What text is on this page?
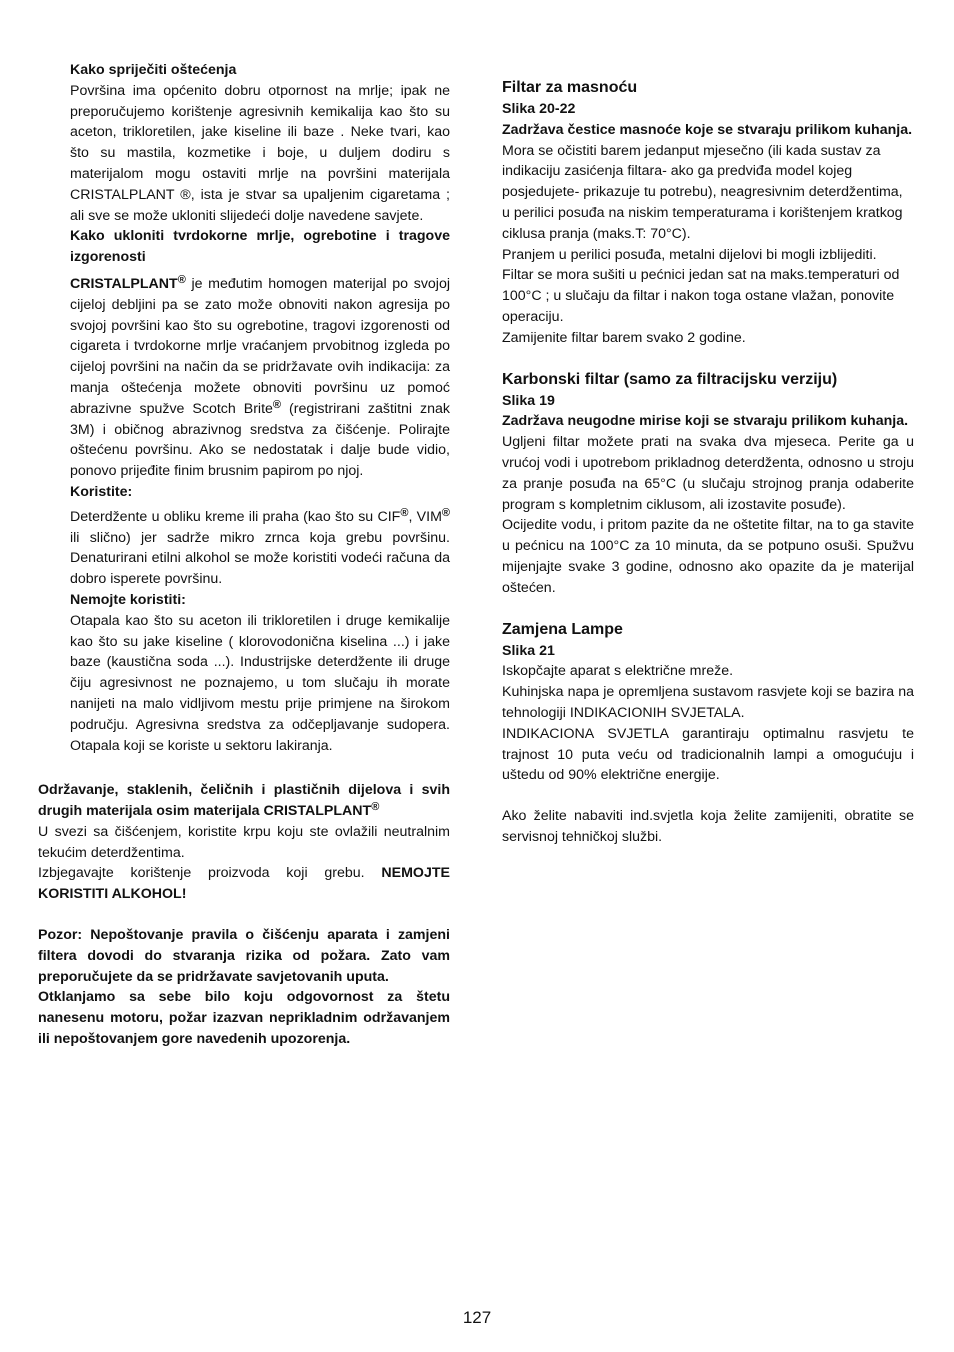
Kako spriječiti oštećenja

Površina ima općenito dobru otpornost na mrlje; ipak ne preporučujemo korištenje agresivnih kemikalija kao što su aceton, trikloretilen, jake kiseline ili baze . Neke tvari, kao što su mastila, kozmetike i boje, u duljem dodiru s materijalom mogu ostaviti mrlje na površini materijala CRISTALPLANT ®, ista je stvar sa upaljenim cigaretama ; ali sve se može ukloniti slijedeći dolje navedene savjete.

Kako ukloniti tvrdokorne mrlje, ogrebotine i tragove izgorenosti

CRISTALPLANT® je međutim homogen materijal po svojoj cijeloj debljini pa se zato može obnoviti nakon agresija po svojoj površini kao što su ogrebotine, tragovi izgorenosti od cigareta i tvrdokorne mrlje vraćanjem prvobitnog izgleda po cijeloj površini na način da se pridržavate ovih indikacija: za manja oštećenja možete obnoviti površinu uz pomoć abrazivne spužve Scotch Brite® (registrirani zaštitni znak 3M) i običnog abrazivnog sredstva za čišćenje. Polirajte oštećenu površinu. Ako se nedostatak i dalje bude vidio, ponovo prijeđite finim brusnim papirom po njoj.

Koristite:

Deterdžente u obliku kreme ili praha (kao što su CIF®, VIM® ili slično) jer sadrže mikro zrnca koja grebu površinu. Denaturirani etilni alkohol se može koristiti vodeći računa da dobro isperete površinu.

Nemojte koristiti:

Otapala kao što su aceton ili trikloretilen i druge kemikalije kao što su jake kiseline ( klorovodonična kiselina ...) i jake baze (kaustična soda ...). Industrijske deterdžente ili druge čiju agresivnost ne poznajemo, u tom slučaju ih morate nanijeti na malo vidljivom mestu prije primjene na širokom području. Agresivna sredstva za odčepljavanje sudopera. Otapala koji se koriste u sektoru lakiranja.

Održavanje, staklenih, čeličnih i plastičnih dijelova i svih drugih materijala osim materijala CRISTALPLANT®

U svezi sa čišćenjem, koristite krpu koju ste ovlažili neutralnim tekućim deterdžentima.

Izbjegavajte korištenje proizvoda koji grebu. NEMOJTE KORISTITI ALKOHOL!

Pozor: Nepoštovanje pravila o čišćenju aparata i zamjeni filtera dovodi do stvaranja rizika od požara. Zato vam preporučujete da se pridržavate savjetovanih uputa.

Otklanjamo sa sebe bilo koju odgovornost za štetu nanesenu motoru, požar izazvan neprikladnim održavanjem ili nepoštovanjem gore navedenih upozorenja.

Filtar za masnoću

Slika 20-22

Zadržava čestice masnoće koje se stvaraju prilikom kuhanja.

Mora se očistiti barem jedanput mjesečno (ili kada sustav za indikaciju zasićenja filtara- ako ga predviđa model kojeg posjedujete- prikazuje tu potrebu), neagresivnim deterdžentima, u perilici posuđa na niskim temperaturama i korištenjem kratkog ciklusa pranja (maks.T: 70°C).

Pranjem u perilici posuđa, metalni dijelovi bi mogli izblijediti.

Filtar se mora sušiti u pećnici jedan sat na maks.temperaturi od 100°C ; u slučaju da filtar i nakon toga ostane vlažan, ponovite operaciju.

Zamijenite filtar barem svako 2 godine.

Karbonski filtar (samo za filtracijsku verziju)

Slika 19

Zadržava neugodne mirise koji se stvaraju prilikom kuhanja.

Ugljeni filtar možete prati na svaka dva mjeseca. Perite ga u vrućoj vodi i upotrebom prikladnog deterdženta, odnosno u stroju za pranje posuđa na 65°C (u slučaju strojnog pranja odaberite program s kompletnim ciklusom, ali izostavite posuđe).

Ocijedite vodu, i pritom pazite da ne oštetite filtar, na to ga stavite u pećnicu na 100°C za 10 minuta, da se potpuno osuši. Spužvu mijenjajte svake 3 godine, odnosno ako opazite da je materijal oštećen.

Zamjena Lampe

Slika 21

Iskopčajte aparat s električne mreže.

Kuhinjska napa je opremljena sustavom rasvjete koji se bazira na tehnologiji INDIKACIONIH SVJETALA.

INDIKACIONA SVJETLA garantiraju optimalnu rasvjetu te trajnost 10 puta veću od tradicionalnih lampi a omogućuju i uštedu od 90% električne energije.

Ako želite nabaviti ind.svjetla koja želite zamijeniti, obratite se servisnoj tehničkoj službi.

127
